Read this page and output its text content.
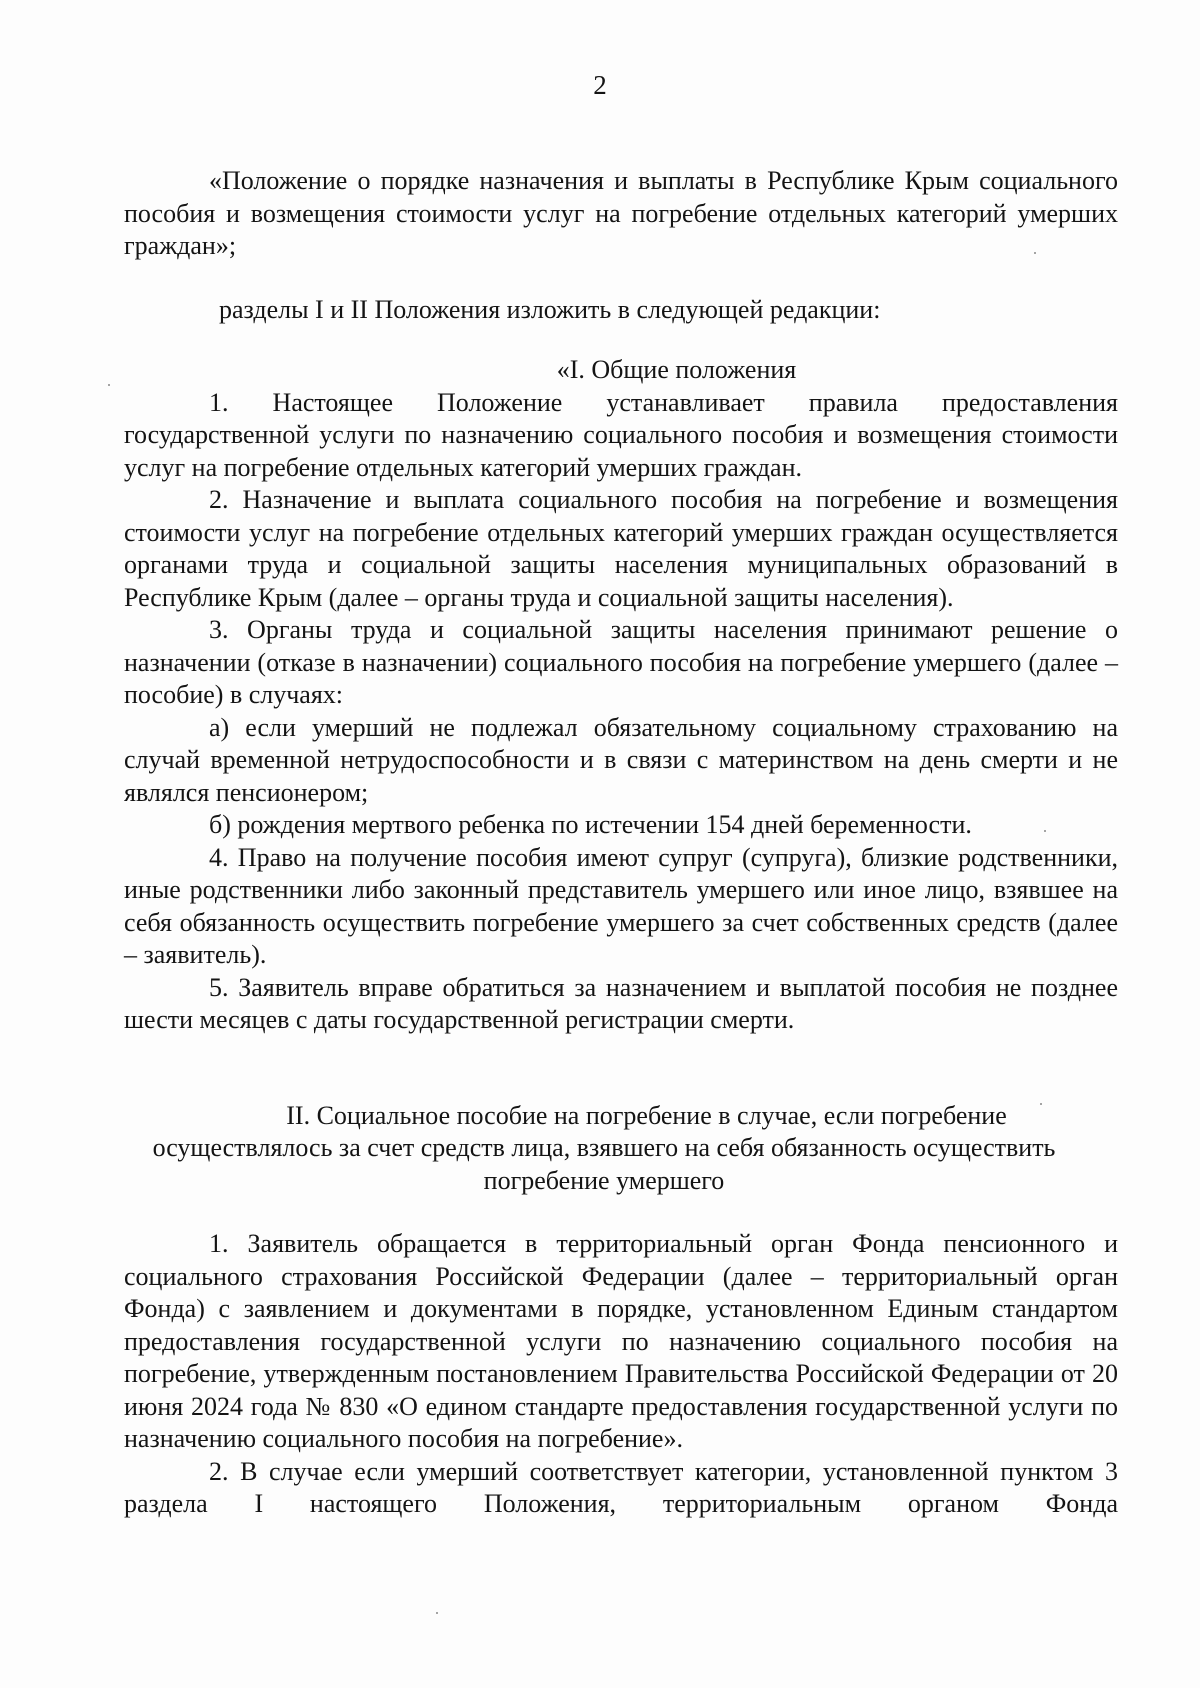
2

«Положение о порядке назначения и выплаты в Республике Крым социального пособия и возмещения стоимости услуг на погребение отдельных категорий умерших граждан»;

разделы I и II Положения изложить в следующей редакции:

«I. Общие положения

1. Настоящее Положение устанавливает правила предоставления государственной услуги по назначению социального пособия и возмещения стоимости услуг на погребение отдельных категорий умерших граждан.

2. Назначение и выплата социального пособия на погребение и возмещения стоимости услуг на погребение отдельных категорий умерших граждан осуществляется органами труда и социальной защиты населения муниципальных образований в Республике Крым (далее – органы труда и социальной защиты населения).

3. Органы труда и социальной защиты населения принимают решение о назначении (отказе в назначении) социального пособия на погребение умершего (далее – пособие) в случаях:

а) если умерший не подлежал обязательному социальному страхованию на случай временной нетрудоспособности и в связи с материнством на день смерти и не являлся пенсионером;

б) рождения мертвого ребенка по истечении 154 дней беременности.

4. Право на получение пособия имеют супруг (супруга), близкие родственники, иные родственники либо законный представитель умершего или иное лицо, взявшее на себя обязанность осуществить погребение умершего за счет собственных средств (далее – заявитель).

5. Заявитель вправе обратиться за назначением и выплатой пособия не позднее шести месяцев с даты государственной регистрации смерти.

II. Социальное пособие на погребение в случае, если погребение осуществлялось за счет средств лица, взявшего на себя обязанность осуществить погребение умершего

1. Заявитель обращается в территориальный орган Фонда пенсионного и социального страхования Российской Федерации (далее – территориальный орган Фонда) с заявлением и документами в порядке, установленном Единым стандартом предоставления государственной услуги по назначению социального пособия на погребение, утвержденным постановлением Правительства Российской Федерации от 20 июня 2024 года № 830 «О едином стандарте предоставления государственной услуги по назначению социального пособия на погребение».

2. В случае если умерший соответствует категории, установленной пунктом 3 раздела I настоящего Положения, территориальным органом Фонда
